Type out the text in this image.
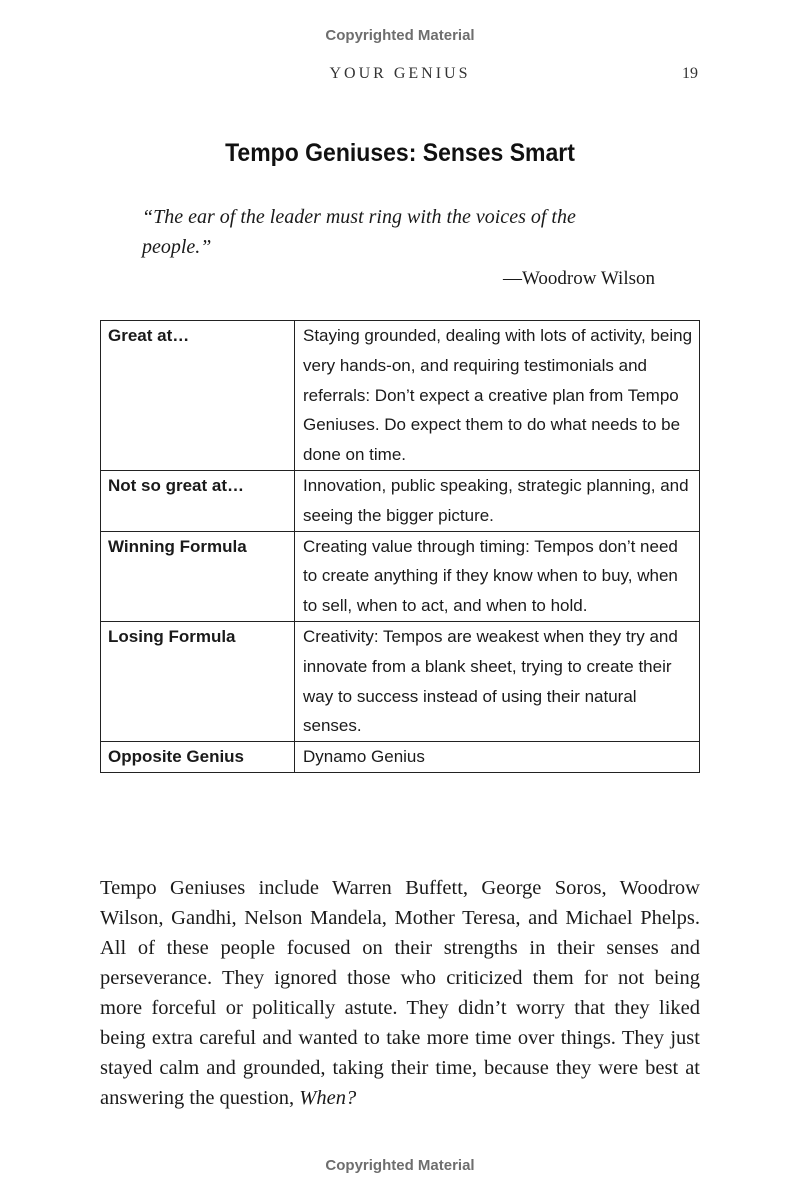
Copyrighted Material
YOUR GENIUS	19
Tempo Geniuses: Senses Smart
“The ear of the leader must ring with the voices of the people.”
—Woodrow Wilson
Great at…	Staying grounded, dealing with lots of activity, being very hands-on, and requiring testimonials and referrals: Don’t expect a creative plan from Tempo Geniuses. Do expect them to do what needs to be done on time.
Not so great at…	Innovation, public speaking, strategic planning, and seeing the bigger picture.
Winning Formula	Creating value through timing: Tempos don’t need to create anything if they know when to buy, when to sell, when to act, and when to hold.
Losing Formula	Creativity: Tempos are weakest when they try and innovate from a blank sheet, trying to create their way to success instead of using their natural senses.
Opposite Genius	Dynamo Genius

Tempo Geniuses include Warren Buffett, George Soros, Woodrow Wilson, Gandhi, Nelson Mandela, Mother Teresa, and Michael Phelps. All of these people focused on their strengths in their senses and perseverance. They ignored those who criticized them for not being more forceful or politically astute. They didn’t worry that they liked being extra careful and wanted to take more time over things. They just stayed calm and grounded, taking their time, because they were best at answering the question, When?

Copyrighted Material
